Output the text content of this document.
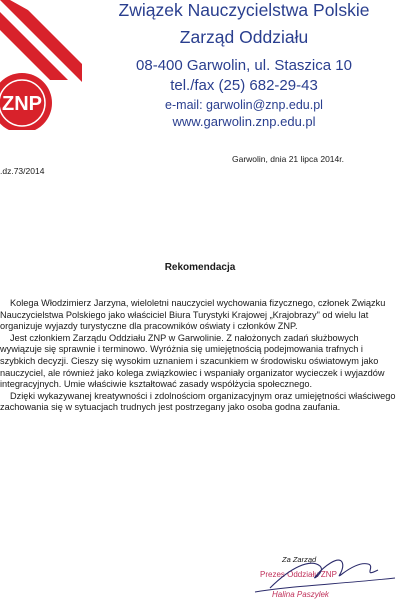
ZNP
Związek Nauczycielstwa Polskie
Zarząd Oddziału
08-400 Garwolin, ul. Staszica 10
tel./fax (25) 682-29-43
e-mail: garwolin@znp.edu.pl
www.garwolin.znp.edu.pl
Garwolin, dnia 21 lipca 2014r.
.dz.73/2014
Rekomendacja

Kolega Włodzimierz Jarzyna, wieloletni nauczyciel wychowania fizycznego, członek Związku Nauczycielstwa Polskiego jako właściciel Biura Turystyki Krajowej „Krajobrazy" od wielu lat organizuje wyjazdy turystyczne dla pracowników oświaty i członków ZNP.

Jest członkiem Zarządu Oddziału ZNP w Garwolinie. Z nałożonych zadań służbowych wywiązuje się sprawnie i terminowo. Wyróżnia się umiejętnością podejmowania trafnych i szybkich decyzji. Cieszy się wysokim uznaniem i szacunkiem w środowisku oświatowym jako nauczyciel, ale również jako kolega związkowiec i wspaniały organizator wycieczek i wyjazdów integracyjnych. Umie właściwie kształtować zasady współżycia społecznego.

Dzięki wykazywanej kreatywności i zdolnościom organizacyjnym oraz umiejętności właściwego zachowania się w sytuacjach trudnych jest postrzegany jako osoba godna zaufania.

Za Zarząd
Prezes Oddziału ZNP
Halina Paszylek
